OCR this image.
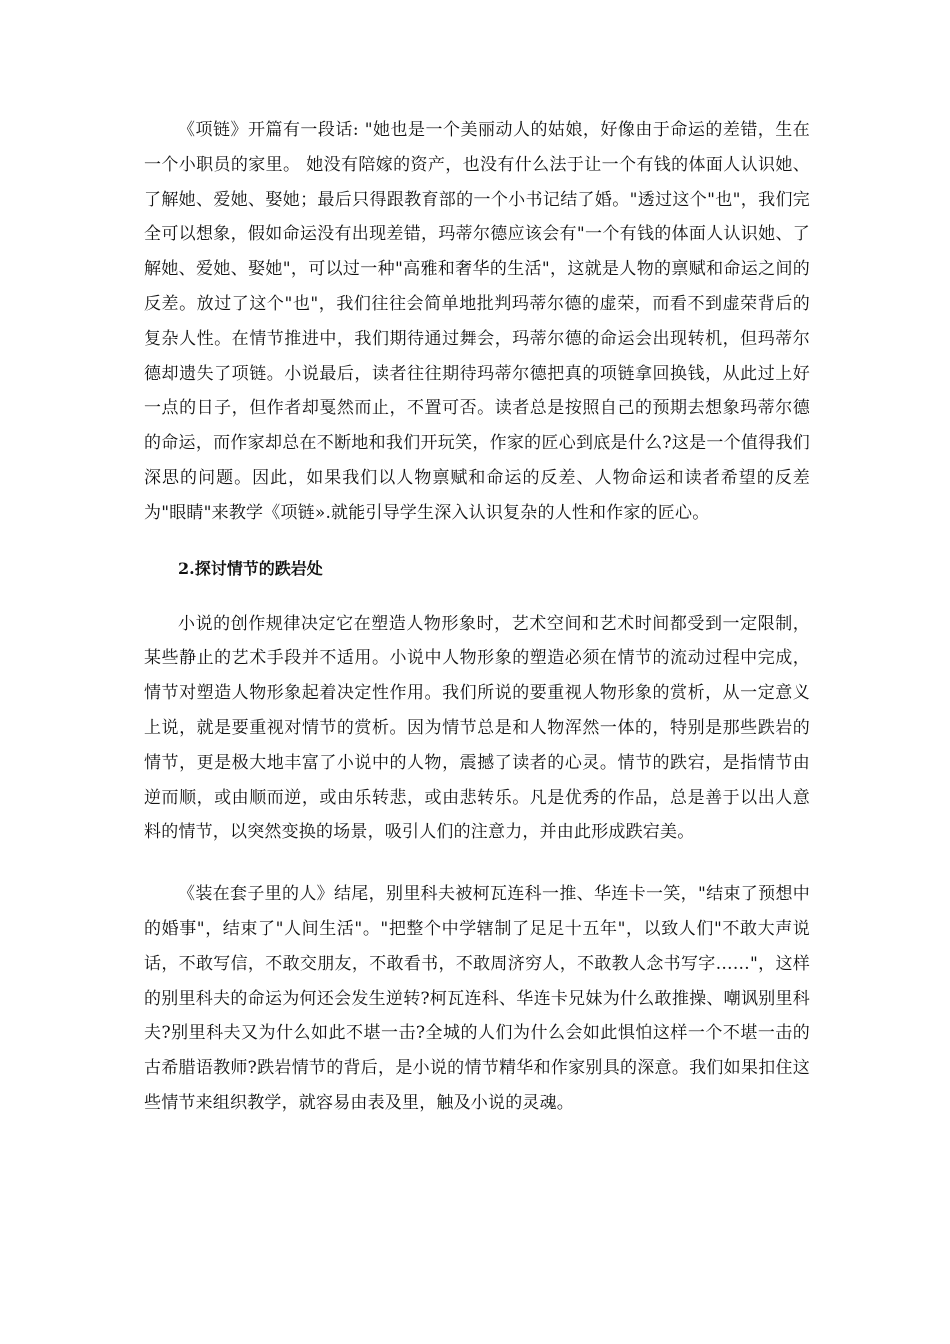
《项链》开篇有一段话: "她也是一个美丽动人的姑娘，好像由于命运的差错，生在一个小职员的家里。 她没有陪嫁的资产，也没有什么法于让一个有钱的体面人认识她、了解她、爱她、娶她；最后只得跟教育部的一个小书记结了婚。"透过这个"也"，我们完全可以想象，假如命运没有出现差错，玛蒂尔德应该会有"一个有钱的体面人认识她、了解她、爱她、娶她"，可以过一种"高雅和奢华的生活"，这就是人物的禀赋和命运之间的反差。放过了这个"也"，我们往往会简单地批判玛蒂尔德的虚荣，而看不到虚荣背后的复杂人性。在情节推进中，我们期待通过舞会，玛蒂尔德的命运会出现转机，但玛蒂尔德却遗失了项链。小说最后，读者往往期待玛蒂尔德把真的项链拿回换钱，从此过上好一点的日子，但作者却戛然而止，不置可否。读者总是按照自己的预期去想象玛蒂尔德的命运，而作家却总在不断地和我们开玩笑，作家的匠心到底是什么?这是一个值得我们深思的问题。因此，如果我们以人物禀赋和命运的反差、人物命运和读者希望的反差为"眼睛"来教学《项链».就能引导学生深入认识复杂的人性和作家的匠心。

2.探讨情节的跌岩处

小说的创作规律决定它在塑造人物形象时，艺术空间和艺术时间都受到一定限制，某些静止的艺术手段并不适用。小说中人物形象的塑造必须在情节的流动过程中完成，情节对塑造人物形象起着决定性作用。我们所说的要重视人物形象的赏析，从一定意义上说，就是要重视对情节的赏析。因为情节总是和人物浑然一体的，特别是那些跌岩的情节，更是极大地丰富了小说中的人物，震撼了读者的心灵。情节的跌宕，是指情节由逆而顺，或由顺而逆，或由乐转悲，或由悲转乐。凡是优秀的作品，总是善于以出人意料的情节，以突然变换的场景，吸引人们的注意力，并由此形成跌宕美。

《装在套子里的人》结尾，别里科夫被柯瓦连科一推、华连卡一笑，"结束了预想中的婚事"，结束了"人间生活"。"把整个中学辖制了足足十五年"，以致人们"不敢大声说话，不敢写信，不敢交朋友，不敢看书，不敢周济穷人，不敢教人念书写字……"，这样的别里科夫的命运为何还会发生逆转?柯瓦连科、华连卡兄妹为什么敢推操、嘲讽别里科夫?别里科夫又为什么如此不堪一击?全城的人们为什么会如此惧怕这样一个不堪一击的古希腊语教师?跌岩情节的背后，是小说的情节精华和作家别具的深意。我们如果扣住这些情节来组织教学，就容易由表及里，触及小说的灵魂。
